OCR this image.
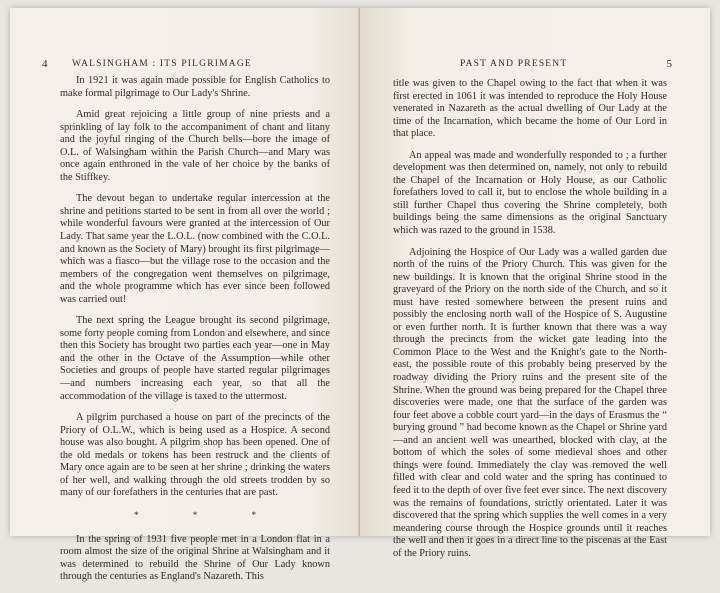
4	WALSINGHAM : ITS PILGRIMAGE

In 1921 it was again made possible for English Catholics to make formal pilgrimage to Our Lady's Shrine.

Amid great rejoicing a little group of nine priests and a sprinkling of lay folk to the accompaniment of chant and litany and the joyful ringing of the Church bells—bore the image of O.L. of Walsingham within the Parish Church—and Mary was once again enthroned in the vale of her choice by the banks of the Stiffkey.

The devout began to undertake regular intercession at the shrine and petitions started to be sent in from all over the world ; while wonderful favours were granted at the intercession of Our Lady. That same year the L.O.L. (now combined with the C.O.L. and known as the Society of Mary) brought its first pilgrimage—which was a fiasco—but the village rose to the occasion and the members of the congregation went themselves on pilgrimage, and the whole programme which has ever since been followed was carried out!

The next spring the League brought its second pilgrimage, some forty people coming from London and elsewhere, and since then this Society has brought two parties each year—one in May and the other in the Octave of the Assumption—while other Societies and groups of people have started regular pilgrimages—and numbers increasing each year, so that all the accommodation of the village is taxed to the uttermost.

A pilgrim purchased a house on part of the precincts of the Priory of O.L.W., which is being used as a Hospice. A second house was also bought. A pilgrim shop has been opened. One of the old medals or tokens has been restruck and the clients of Mary once again are to be seen at her shrine ; drinking the waters of her well, and walking through the old streets trodden by so many of our forefathers in the centuries that are past.

* * *

In the spring of 1931 five people met in a London flat in a room almost the size of the original Shrine at Walsingham and it was determined to rebuild the Shrine of Our Lady known through the centuries as England's Nazareth. This

PAST AND PRESENT	5

title was given to the Chapel owing to the fact that when it was first erected in 1061 it was intended to reproduce the Holy House venerated in Nazareth as the actual dwelling of Our Lady at the time of the Incarnation, which became the home of Our Lord in that place.

An appeal was made and wonderfully responded to ; a further development was then determined on, namely, not only to rebuild the Chapel of the Incarnation or Holy House, as our Catholic forefathers loved to call it, but to enclose the whole building in a still further Chapel thus covering the Shrine completely, both buildings being the same dimensions as the original Sanctuary which was razed to the ground in 1538.

Adjoining the Hospice of Our Lady was a walled garden due north of the ruins of the Priory Church. This was given for the new buildings. It is known that the original Shrine stood in the graveyard of the Priory on the north side of the Church, and so it must have rested somewhere between the present ruins and possibly the enclosing north wall of the Hospice of S. Augustine or even further north. It is further known that there was a way through the precincts from the wicket gate leading into the Common Place to the West and the Knight's gate to the North-east, the possible route of this probably being preserved by the roadway dividing the Priory ruins and the present site of the Shrine. When the ground was being prepared for the Chapel three discoveries were made, one that the surface of the garden was four feet above a cobble court yard—in the days of Erasmus the “ burying ground ” had become known as the Chapel or Shrine yard—and an ancient well was unearthed, blocked with clay, at the bottom of which the soles of some medieval shoes and other things were found. Immediately the clay was removed the well filled with clear and cold water and the spring has continued to feed it to the depth of over five feet ever since. The next discovery was the remains of foundations, strictly orientated. Later it was discovered that the spring which supplies the well comes in a very meandering course through the Hospice grounds until it reaches the well and then it goes in a direct line to the piscenas at the East of the Priory ruins.
